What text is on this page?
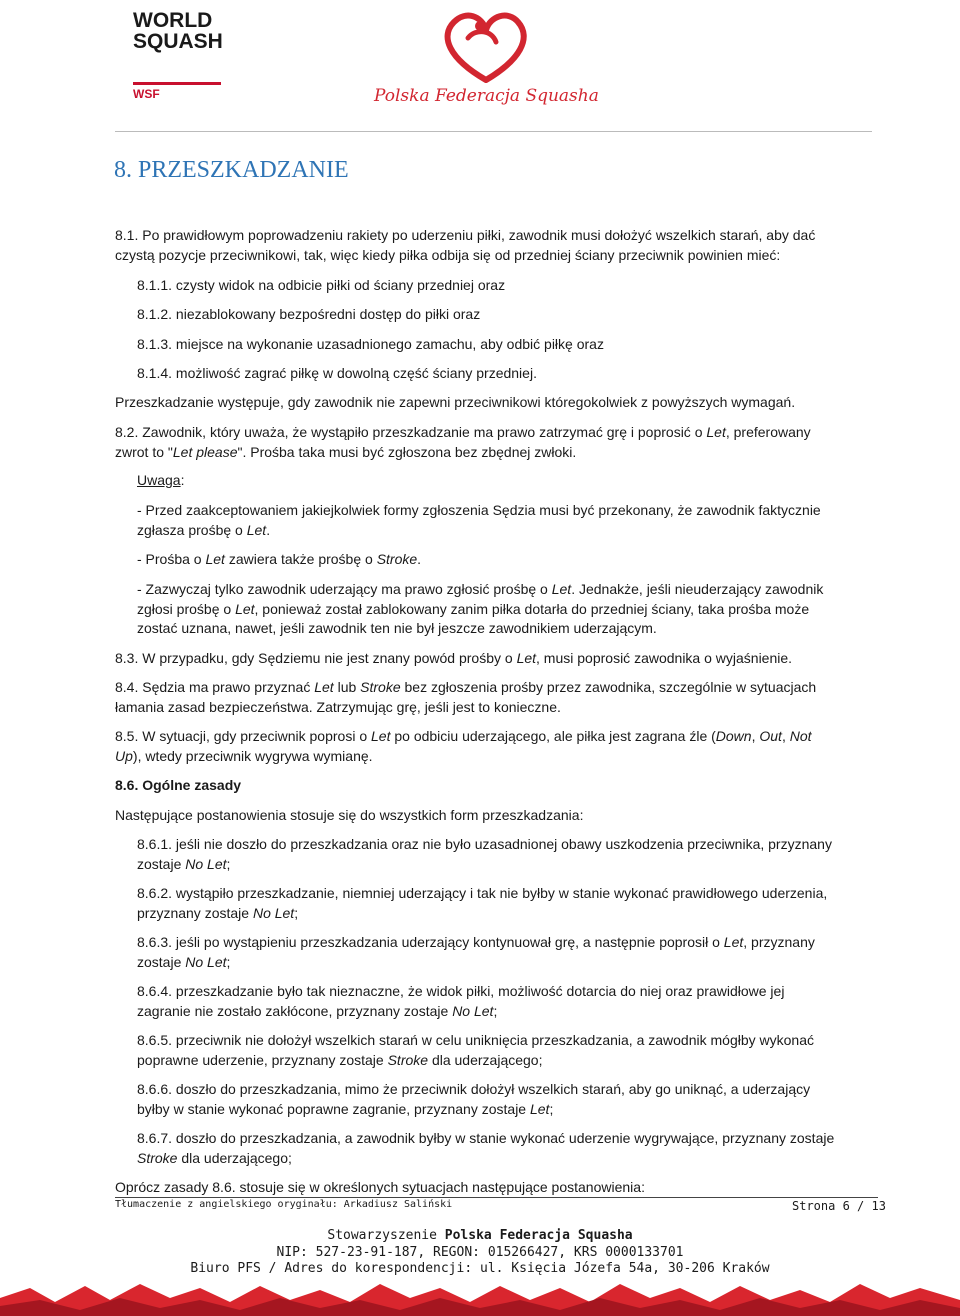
WORLD
SQUASH
WSF	Polska Federacja Squasha
8. PRZESZKADZANIE

8.1. Po prawidłowym poprowadzeniu rakiety po uderzeniu piłki, zawodnik musi dołożyć wszelkich starań, aby dać
czystą pozycje przeciwnikowi, tak, więc kiedy piłka odbija się od przedniej ściany przeciwnik powinien mieć:

8.1.1. czysty widok na odbicie piłki od ściany przedniej oraz

8.1.2. niezablokowany bezpośredni dostęp do piłki oraz

8.1.3. miejsce na wykonanie uzasadnionego zamachu, aby odbić piłkę oraz

8.1.4. możliwość zagrać piłkę w dowolną część ściany przedniej.

Przeszkadzanie występuje, gdy zawodnik nie zapewni przeciwnikowi któregokolwiek z powyższych wymagań.

8.2. Zawodnik, który uważa, że wystąpiło przeszkadzanie ma prawo zatrzymać grę i poprosić o Let, preferowany
zwrot to "Let please". Prośba taka musi być zgłoszona bez zbędnej zwłoki.

Uwaga:

- Przed zaakceptowaniem jakiejkolwiek formy zgłoszenia Sędzia musi być przekonany, że zawodnik faktycznie
zgłasza prośbę o Let.

- Prośba o Let zawiera także prośbę o Stroke.

- Zazwyczaj tylko zawodnik uderzający ma prawo zgłosić prośbę o Let. Jednakże, jeśli nieuderzający zawodnik
zgłosi prośbę o Let, ponieważ został zablokowany zanim piłka dotarła do przedniej ściany, taka prośba może
zostać uznana, nawet, jeśli zawodnik ten nie był jeszcze zawodnikiem uderzającym.

8.3. W przypadku, gdy Sędziemu nie jest znany powód prośby o Let, musi poprosić zawodnika o wyjaśnienie.

8.4. Sędzia ma prawo przyznać Let lub Stroke bez zgłoszenia prośby przez zawodnika, szczególnie w sytuacjach
łamania zasad bezpieczeństwa. Zatrzymując grę, jeśli jest to konieczne.

8.5. W sytuacji, gdy przeciwnik poprosi o Let po odbiciu uderzającego, ale piłka jest zagrana źle (Down, Out, Not
Up), wtedy przeciwnik wygrywa wymianę.

8.6. Ogólne zasady

Następujące postanowienia stosuje się do wszystkich form przeszkadzania:

8.6.1. jeśli nie doszło do przeszkadzania oraz nie było uzasadnionej obawy uszkodzenia przeciwnika, przyznany
zostaje No Let;

8.6.2. wystąpiło przeszkadzanie, niemniej uderzający i tak nie byłby w stanie wykonać prawidłowego uderzenia,
przyznany zostaje No Let;

8.6.3. jeśli po wystąpieniu przeszkadzania uderzający kontynuował grę, a następnie poprosił o Let, przyznany
zostaje No Let;

8.6.4. przeszkadzanie było tak nieznaczne, że widok piłki, możliwość dotarcia do niej oraz prawidłowe jej
zagranie nie zostało zakłócone, przyznany zostaje No Let;

8.6.5. przeciwnik nie dołożył wszelkich starań w celu uniknięcia przeszkadzania, a zawodnik mógłby wykonać
poprawne uderzenie, przyznany zostaje Stroke dla uderzającego;

8.6.6. doszło do przeszkadzania, mimo że przeciwnik dołożył wszelkich starań, aby go uniknąć, a uderzający
byłby w stanie wykonać poprawne zagranie, przyznany zostaje Let;

8.6.7. doszło do przeszkadzania, a zawodnik byłby w stanie wykonać uderzenie wygrywające, przyznany zostaje
Stroke dla uderzającego;

Oprócz zasady 8.6. stosuje się w określonych sytuacjach następujące postanowienia:

Tłumaczenie z angielskiego oryginału: Arkadiusz Saliński	Strona 6 / 13
Stowarzyszenie Polska Federacja Squasha
NIP: 527-23-91-187, REGON: 015266427, KRS 0000133701
Biuro PFS / Adres do korespondencji: ul. Księcia Józefa 54a, 30-206 Kraków
